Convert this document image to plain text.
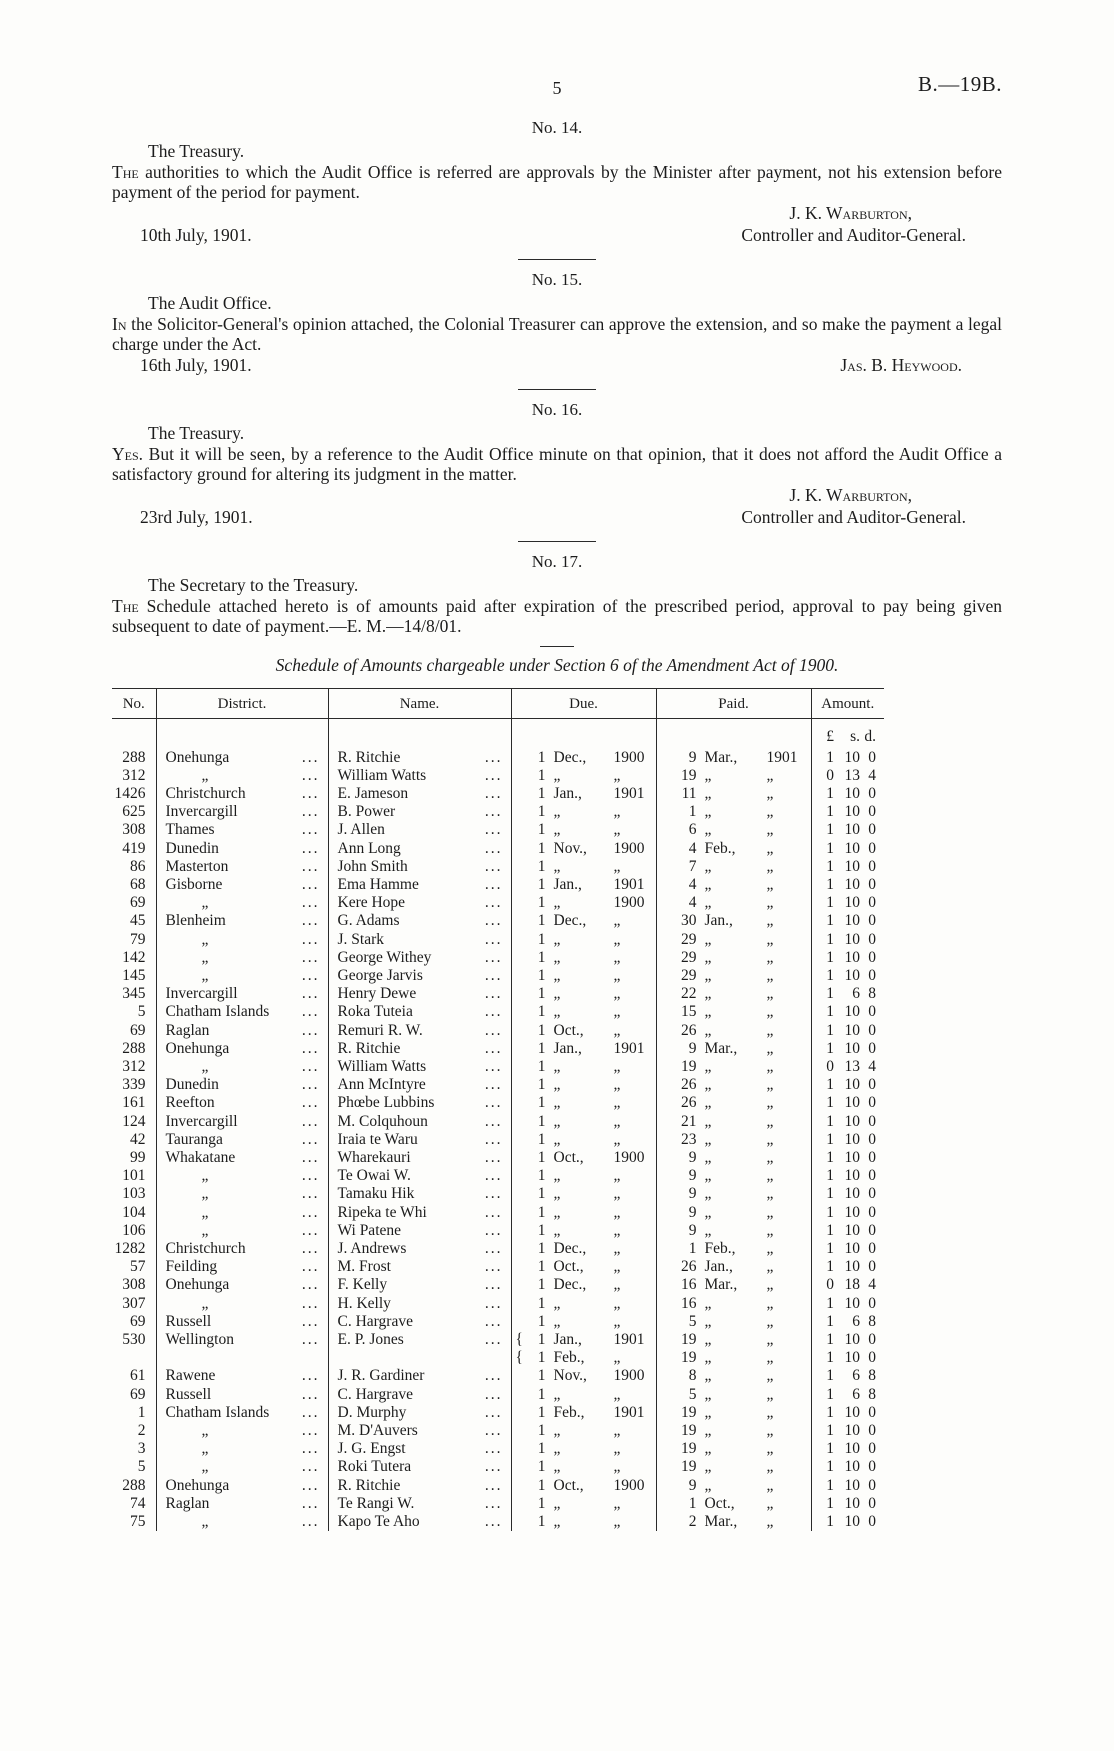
5	B.—19B.
No. 14.
The Treasury.

The authorities to which the Audit Office is referred are approvals by the Minister after payment, not his extension before payment of the period for payment.

J. K. Warburton,
10th July, 1901.	Controller and Auditor-General.
No. 15.
The Audit Office.

In the Solicitor-General's opinion attached, the Colonial Treasurer can approve the extension, and so make the payment a legal charge under the Act.

16th July, 1901.	Jas. B. Heywood.
No. 16.
The Treasury.

Yes. But it will be seen, by a reference to the Audit Office minute on that opinion, that it does not afford the Audit Office a satisfactory ground for altering its judgment in the matter.

J. K. Warburton,
23rd July, 1901.	Controller and Auditor-General.
No. 17.
The Secretary to the Treasury.

The Schedule attached hereto is of amounts paid after expiration of the prescribed period, approval to pay being given subsequent to date of payment.—E. M.—14/8/01.

Schedule of Amounts chargeable under Section 6 of the Amendment Act of 1900.
No.	District.	Name.	Due.	Paid.	Amount.
					£ s. d.
288	Onehunga ...	R. Ritchie ...	1 Dec., 1900	9 Mar., 1901	1 10 0
312	„ ...	William Watts ...	1 „ „	19 „ „	0 13 4
1426	Christchurch ...	E. Jameson ...	1 Jan., 1901	11 „ „	1 10 0
625	Invercargill ...	B. Power ...	1 „ „	1 „ „	1 10 0
308	Thames ...	J. Allen ...	1 „ „	6 „ „	1 10 0
419	Dunedin ...	Ann Long ...	1 Nov., 1900	4 Feb., „	1 10 0
86	Masterton ...	John Smith ...	1 „ „	7 „ „	1 10 0
68	Gisborne ...	Ema Hamme ...	1 Jan., 1901	4 „ „	1 10 0
69	„ ...	Kere Hope ...	1 „ 1900	4 „ „	1 10 0
45	Blenheim ...	G. Adams ...	1 Dec., „	30 Jan., „	1 10 0
79	„ ...	J. Stark ...	1 „ „	29 „ „	1 10 0
142	„ ...	George Withey ...	1 „ „	29 „ „	1 10 0
145	„ ...	George Jarvis ...	1 „ „	29 „ „	1 10 0
345	Invercargill ...	Henry Dewe ...	1 „ „	22 „ „	1 6 8
5	Chatham Islands ...	Roka Tuteia ...	1 „ „	15 „ „	1 10 0
69	Raglan ...	Remuri R. W. ...	1 Oct., „	26 „ „	1 10 0
288	Onehunga ...	R. Ritchie ...	1 Jan., 1901	9 Mar., „	1 10 0
312	„ ...	William Watts ...	1 „ „	19 „ „	0 13 4
339	Dunedin ...	Ann McIntyre ...	1 „ „	26 „ „	1 10 0
161	Reefton ...	Phœbe Lubbins ...	1 „ „	26 „ „	1 10 0
124	Invercargill ...	M. Colquhoun ...	1 „ „	21 „ „	1 10 0
42	Tauranga ...	Iraia te Waru ...	1 „ „	23 „ „	1 10 0
99	Whakatane ...	Wharekauri ...	1 Oct., 1900	9 „ „	1 10 0
101	„ ...	Te Owai W. ...	1 „ „	9 „ „	1 10 0
103	„ ...	Tamaku Hik ...	1 „ „	9 „ „	1 10 0
104	„ ...	Ripeka te Whi ...	1 „ „	9 „ „	1 10 0
106	„ ...	Wi Patene ...	1 „ „	9 „ „	1 10 0
1282	Christchurch ...	J. Andrews ...	1 Dec., „	1 Feb., „	1 10 0
57	Feilding ...	M. Frost ...	1 Oct., „	26 Jan., „	1 10 0
308	Onehunga ...	F. Kelly ...	1 Dec., „	16 Mar., „	0 18 4
307	„ ...	H. Kelly ...	1 „ „	16 „ „	1 10 0
69	Russell ...	C. Hargrave ...	1 „ „	5 „ „	1 6 8
530	Wellington ...	E. P. Jones ...	{ 1 Jan., 1901	19 „ „	1 10 0

			{ 1 Feb., „	19 „ „	1 10 0
61	Rawene ...	J. R. Gardiner ...	1 Nov., 1900	8 „ „	1 6 8
69	Russell ...	C. Hargrave ...	1 „ „	5 „ „	1 6 8
1	Chatham Islands ...	D. Murphy ...	1 Feb., 1901	19 „ „	1 10 0
2	„ ...	M. D'Auvers ...	1 „ „	19 „ „	1 10 0
3	„ ...	J. G. Engst ...	1 „ „	19 „ „	1 10 0
5	„ ...	Roki Tutera ...	1 „ „	19 „ „	1 10 0
288	Onehunga ...	R. Ritchie ...	1 Oct., 1900	9 „ „	1 10 0
74	Raglan ...	Te Rangi W. ...	1 „ „	1 Oct., „	1 10 0
75	„ ...	Kapo Te Aho ...	1 „ „	2 Mar., „	1 10 0
